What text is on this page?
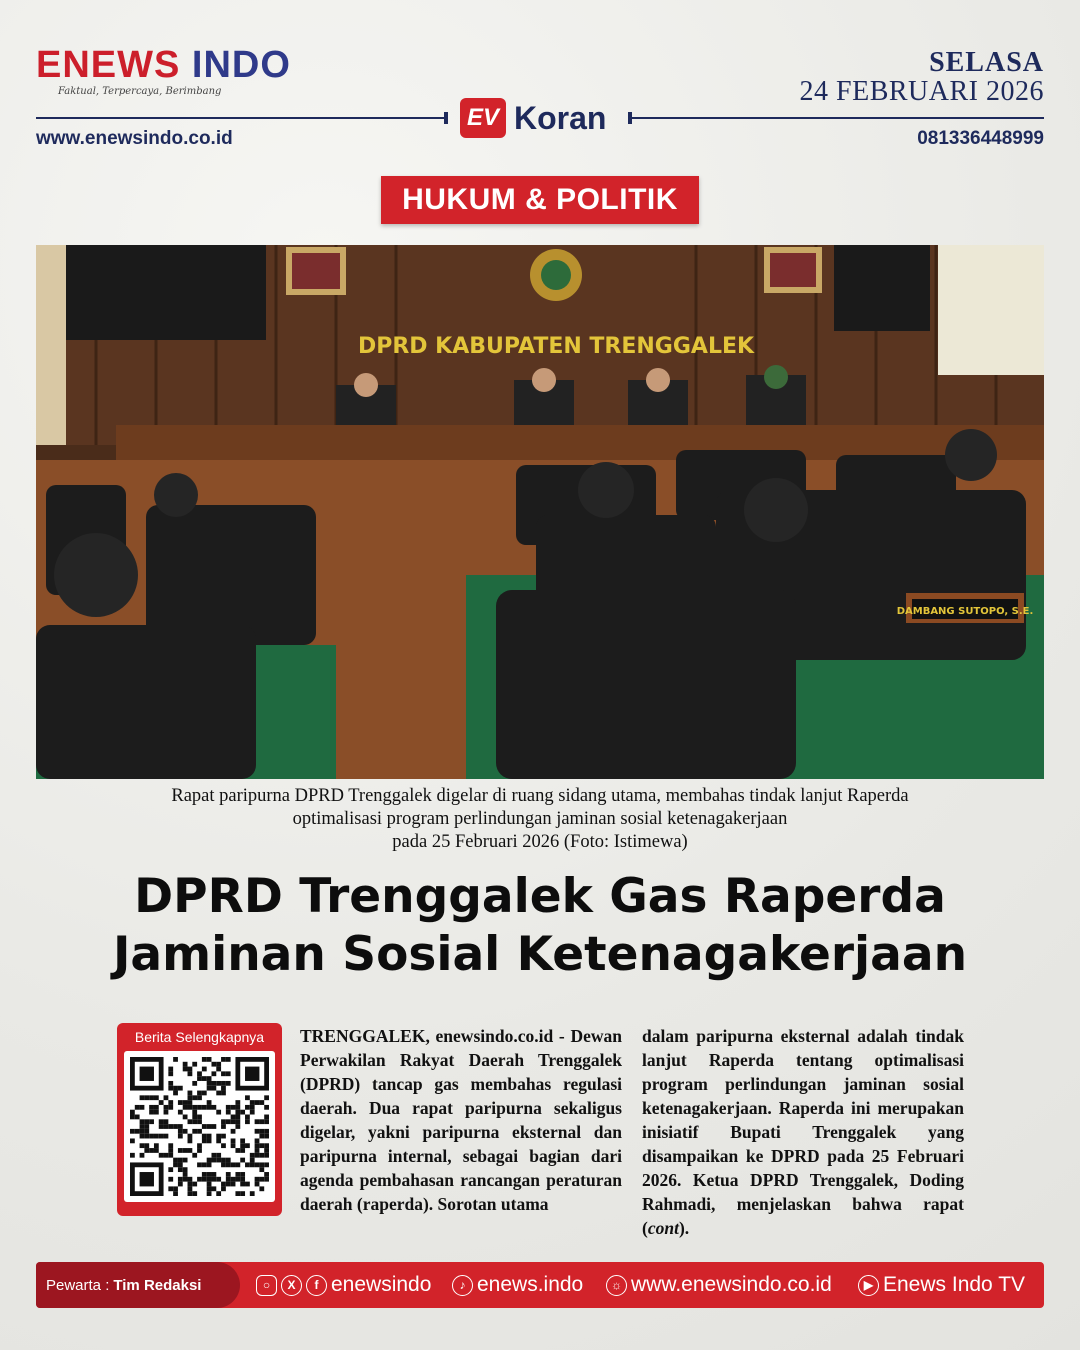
ENEWS INDO
Faktual, Terpercaya, Berimbang
SELASA
24 FEBRUARI 2026
EV Koran
www.enewsindo.co.id	081336448999
HUKUM & POLITIK
DPRD KABUPATEN TRENGGALEK
DAMBANG SUTOPO, S.E.
Rapat paripurna DPRD Trenggalek digelar di ruang sidang utama, membahas tindak lanjut Raperda
optimalisasi program perlindungan jaminan sosial ketenagakerjaan
pada 25 Februari 2026 (Foto: Istimewa)
DPRD Trenggalek Gas Raperda
Jaminan Sosial Ketenagakerjaan
Berita Selengkapnya	TRENGGALEK, enewsindo.co.id - Dewan Perwakilan Rakyat Daerah Trenggalek (DPRD) tancap gas membahas regulasi daerah. Dua rapat paripurna sekaligus digelar, yakni paripurna eksternal dan paripurna internal, sebagai bagian dari agenda pembahasan rancangan peraturan daerah (raperda). Sorotan utama
dalam paripurna eksternal adalah tindak lanjut Raperda tentang optimalisasi program perlindungan jaminan sosial ketenagakerjaan. Raperda ini merupakan inisiatif Bupati Trenggalek yang disampaikan ke DPRD pada 25 Februari 2026. Ketua DPRD Trenggalek, Doding Rahmadi, menjelaskan bahwa rapat (cont).
Pewarta : Tim Redaksi	○	X	f enewsindo	♪ enews.indo	☼ www.enewsindo.co.id	▶ Enews Indo TV
